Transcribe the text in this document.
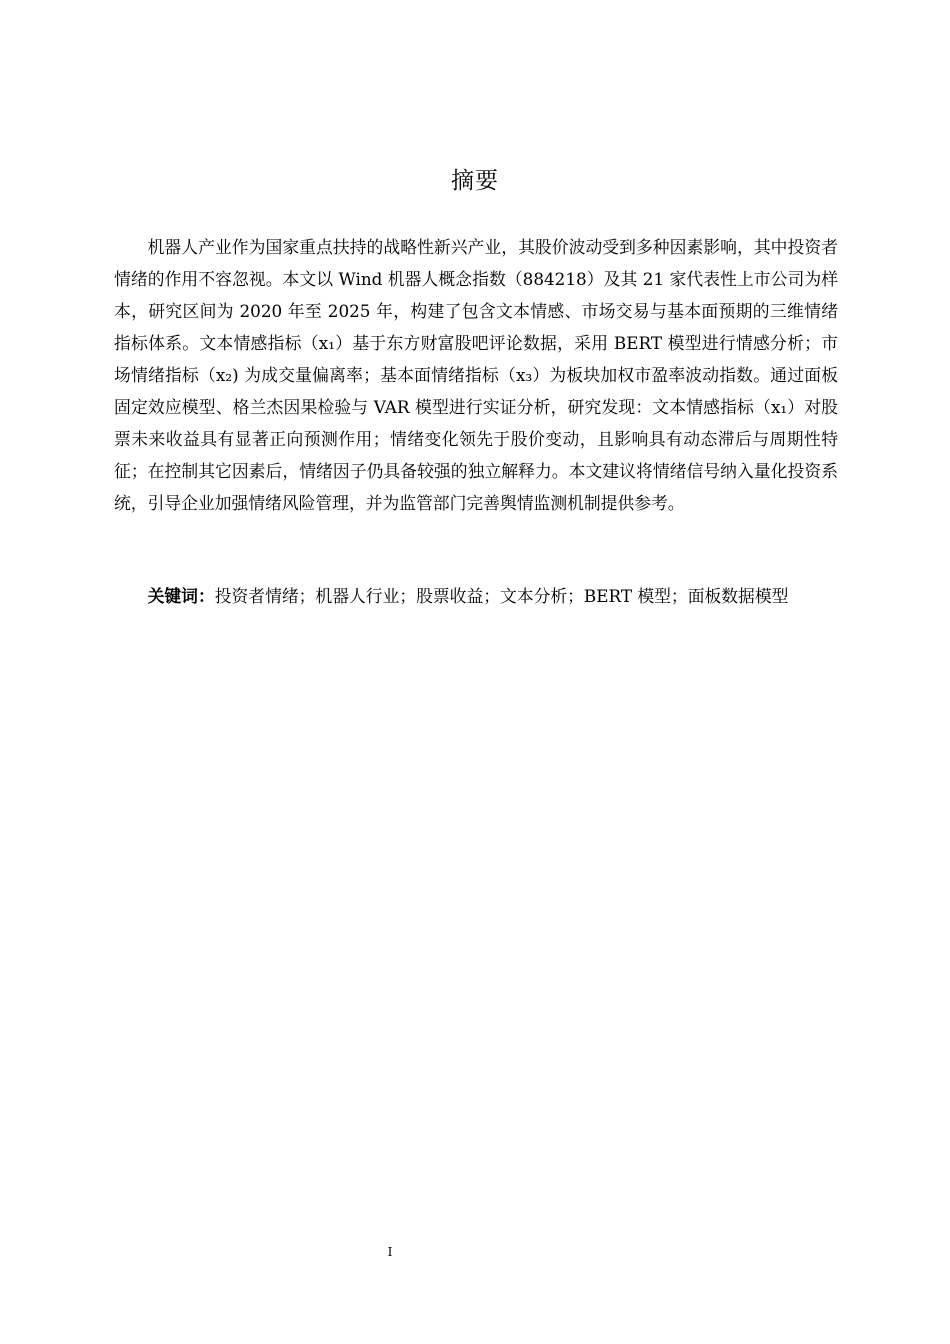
摘要

机器人产业作为国家重点扶持的战略性新兴产业，其股价波动受到多种因素影响，其中投资者情绪的作用不容忽视。本文以 Wind 机器人概念指数（884218）及其 21 家代表性上市公司为样本，研究区间为 2020 年至 2025 年，构建了包含文本情感、市场交易与基本面预期的三维情绪指标体系。文本情感指标（x₁）基于东方财富股吧评论数据，采用 BERT 模型进行情感分析；市场情绪指标（x₂) 为成交量偏离率；基本面情绪指标（x₃）为板块加权市盈率波动指数。通过面板固定效应模型、格兰杰因果检验与 VAR 模型进行实证分析，研究发现：文本情感指标（x₁）对股票未来收益具有显著正向预测作用；情绪变化领先于股价变动，且影响具有动态滞后与周期性特征；在控制其它因素后，情绪因子仍具备较强的独立解释力。本文建议将情绪信号纳入量化投资系统，引导企业加强情绪风险管理，并为监管部门完善舆情监测机制提供参考。

关键词：投资者情绪；机器人行业；股票收益；文本分析；BERT 模型；面板数据模型

I
